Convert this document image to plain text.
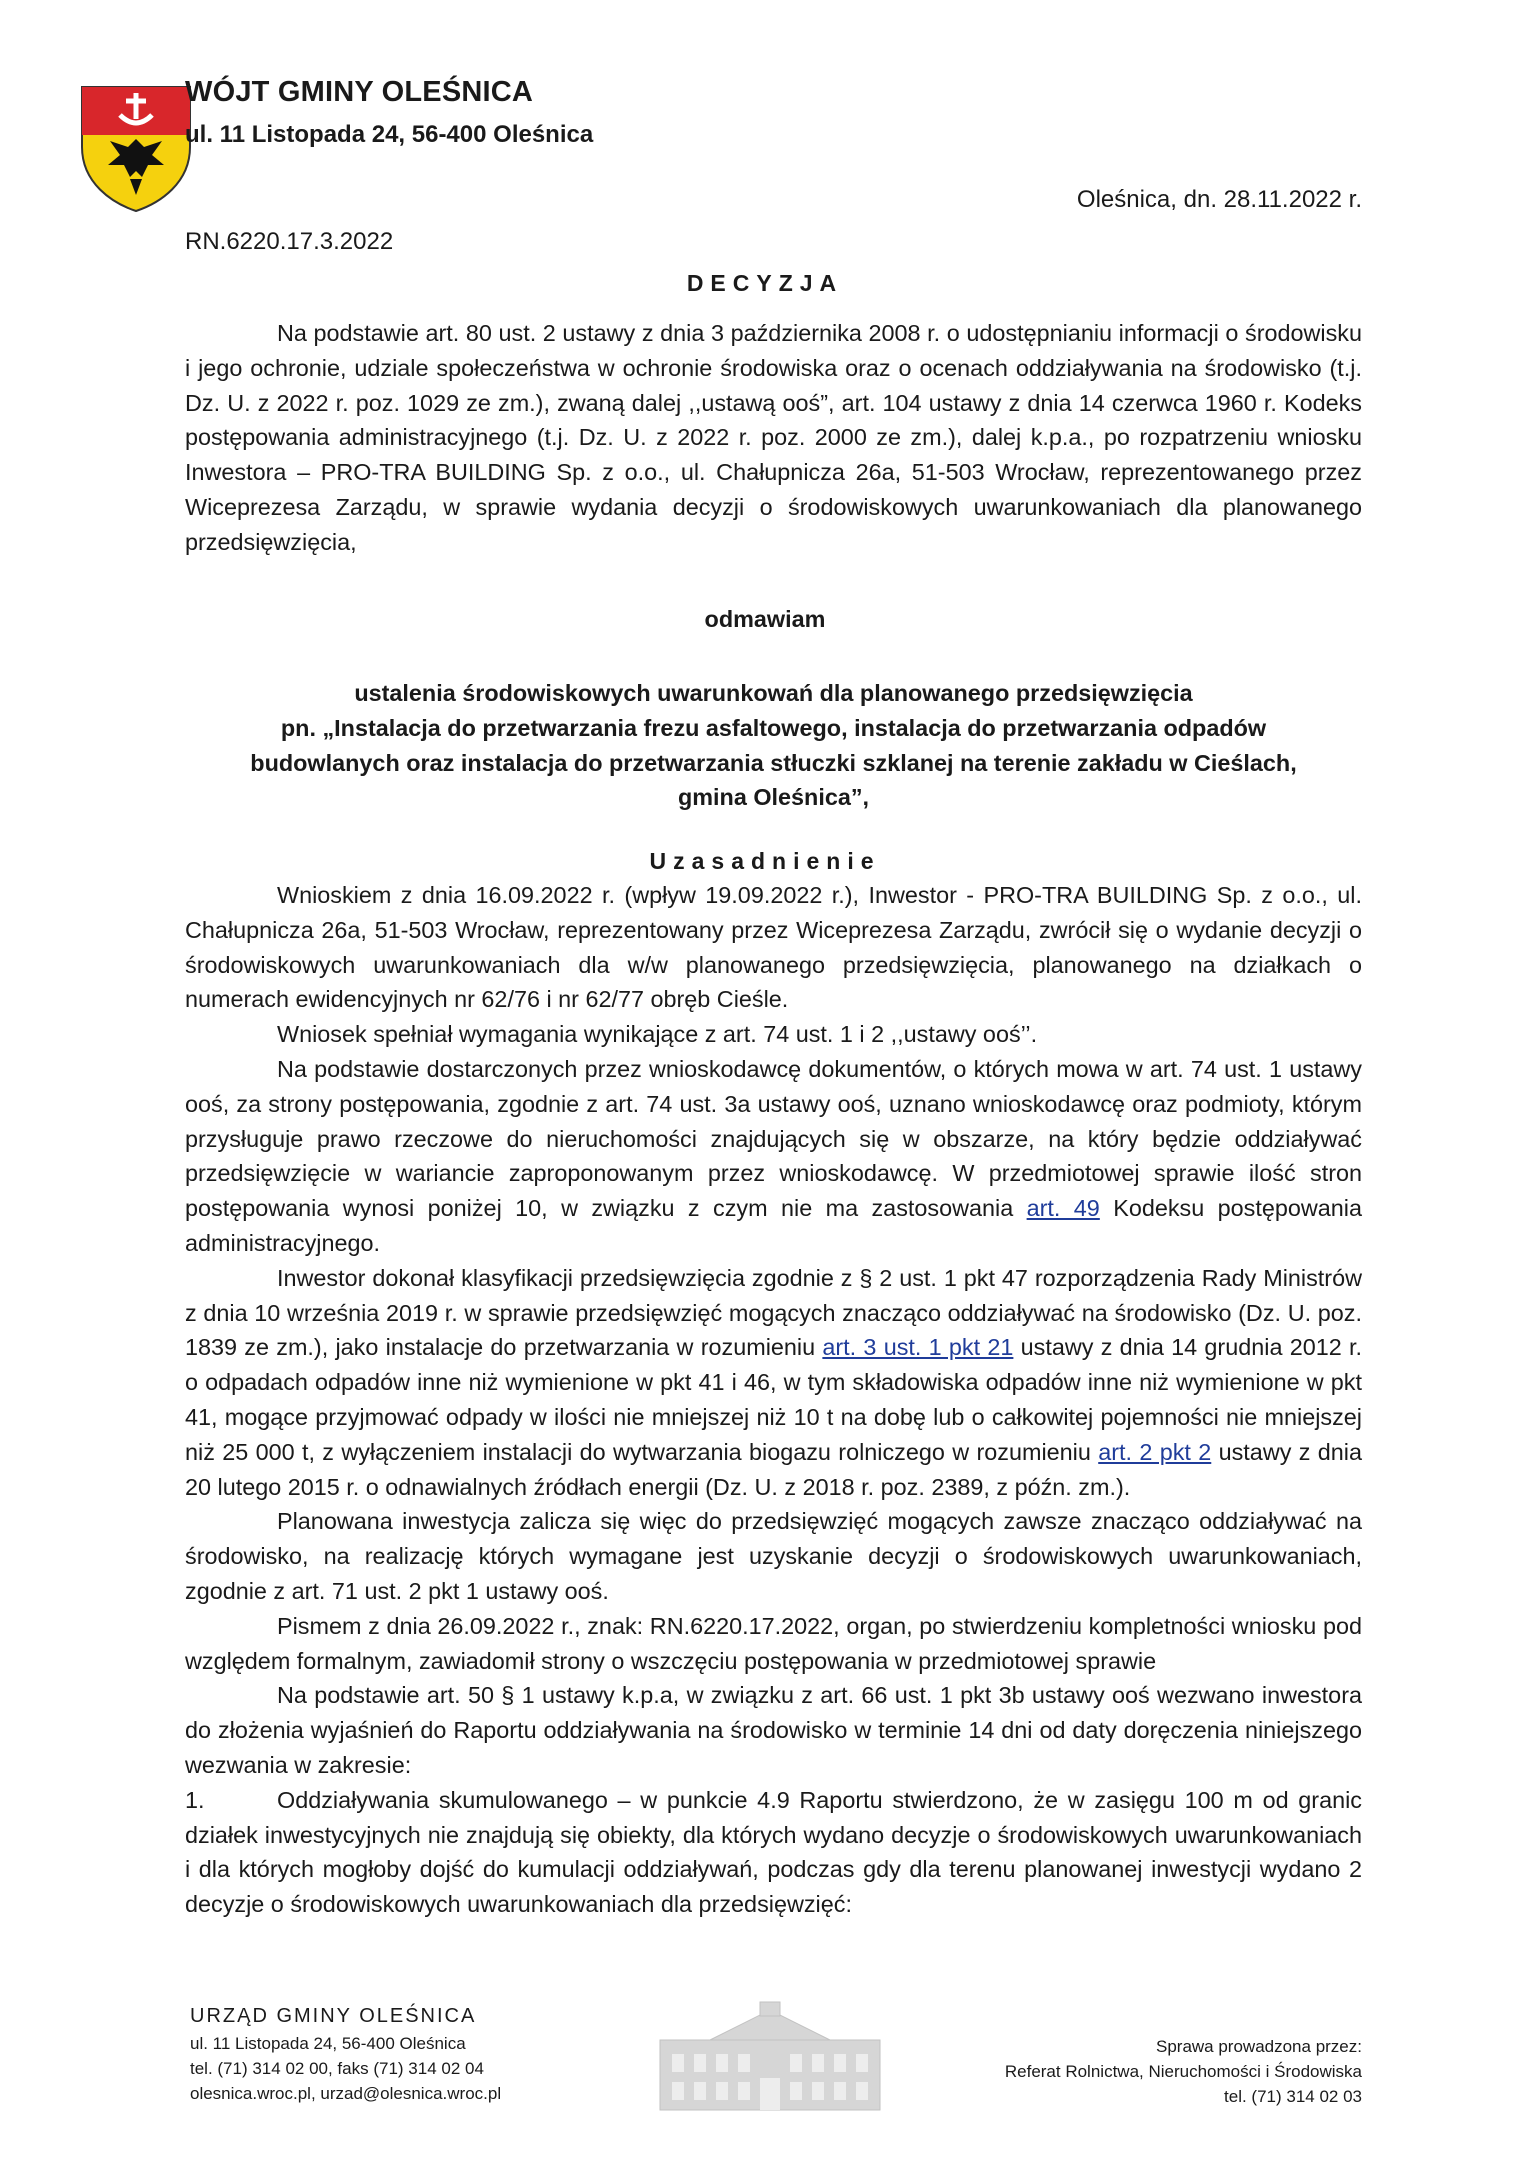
WÓJT GMINY OLEŚNICA
ul. 11 Listopada 24, 56-400 Oleśnica
Oleśnica, dn. 28.11.2022 r.
RN.6220.17.3.2022
DECYZJA

Na podstawie art. 80 ust. 2 ustawy z dnia 3 października 2008 r. o udostępnianiu informacji o środowisku i jego ochronie, udziale społeczeństwa w ochronie środowiska oraz o ocenach oddziaływania na środowisko (t.j. Dz. U. z 2022 r. poz. 1029 ze zm.), zwaną dalej ,,ustawą ooś”, art. 104 ustawy z dnia 14 czerwca 1960 r. Kodeks postępowania administracyjnego (t.j. Dz. U. z 2022 r. poz. 2000 ze zm.), dalej k.p.a., po rozpatrzeniu wniosku Inwestora – PRO-TRA BUILDING Sp. z o.o., ul. Chałupnicza 26a, 51-503 Wrocław, reprezentowanego przez Wiceprezesa Zarządu, w sprawie wydania decyzji o środowiskowych uwarunkowaniach dla planowanego przedsięwzięcia,

odmawiam
ustalenia środowiskowych uwarunkowań dla planowanego przedsięwzięcia
pn. „Instalacja do przetwarzania frezu asfaltowego, instalacja do przetwarzania odpadów
budowlanych oraz instalacja do przetwarzania stłuczki szklanej na terenie zakładu w Cieślach,
gmina Oleśnica”,
Uzasadnienie

Wnioskiem z dnia 16.09.2022 r. (wpływ 19.09.2022 r.), Inwestor - PRO-TRA BUILDING Sp. z o.o., ul. Chałupnicza 26a, 51-503 Wrocław, reprezentowany przez Wiceprezesa Zarządu, zwrócił się o wydanie decyzji o środowiskowych uwarunkowaniach dla w/w planowanego przedsięwzięcia, planowanego na działkach o numerach ewidencyjnych nr 62/76 i nr 62/77 obręb Cieśle.

Wniosek spełniał wymagania wynikające z art. 74 ust. 1 i 2 ,,ustawy ooś’’.

Na podstawie dostarczonych przez wnioskodawcę dokumentów, o których mowa w art. 74 ust. 1 ustawy ooś, za strony postępowania, zgodnie z art. 74 ust. 3a ustawy ooś, uznano wnioskodawcę oraz podmioty, którym przysługuje prawo rzeczowe do nieruchomości znajdujących się w obszarze, na który będzie oddziaływać przedsięwzięcie w wariancie zaproponowanym przez wnioskodawcę. W przedmiotowej sprawie ilość stron postępowania wynosi poniżej 10, w związku z czym nie ma zastosowania art. 49 Kodeksu postępowania administracyjnego.

Inwestor dokonał klasyfikacji przedsięwzięcia zgodnie z § 2 ust. 1 pkt 47 rozporządzenia Rady Ministrów z dnia 10 września 2019 r. w sprawie przedsięwzięć mogących znacząco oddziaływać na środowisko (Dz. U. poz. 1839 ze zm.), jako instalacje do przetwarzania w rozumieniu art. 3 ust. 1 pkt 21 ustawy z dnia 14 grudnia 2012 r. o odpadach odpadów inne niż wymienione w pkt 41 i 46, w tym składowiska odpadów inne niż wymienione w pkt 41, mogące przyjmować odpady w ilości nie mniejszej niż 10 t na dobę lub o całkowitej pojemności nie mniejszej niż 25 000 t, z wyłączeniem instalacji do wytwarzania biogazu rolniczego w rozumieniu art. 2 pkt 2 ustawy z dnia 20 lutego 2015 r. o odnawialnych źródłach energii (Dz. U. z 2018 r. poz. 2389, z późn. zm.).

Planowana inwestycja zalicza się więc do przedsięwzięć mogących zawsze znacząco oddziaływać na środowisko, na realizację których wymagane jest uzyskanie decyzji o środowiskowych uwarunkowaniach, zgodnie z art. 71 ust. 2 pkt 1 ustawy ooś.

Pismem z dnia 26.09.2022 r., znak: RN.6220.17.2022, organ, po stwierdzeniu kompletności wniosku pod względem formalnym, zawiadomił strony o wszczęciu postępowania w przedmiotowej sprawie

Na podstawie art. 50 § 1 ustawy k.p.a, w związku z art. 66 ust. 1 pkt 3b ustawy ooś wezwano inwestora do złożenia wyjaśnień do Raportu oddziaływania na środowisko w terminie 14 dni od daty doręczenia niniejszego wezwania w zakresie:

1.	Oddziaływania skumulowanego – w punkcie 4.9 Raportu stwierdzono, że w zasięgu 100 m od granic działek inwestycyjnych nie znajdują się obiekty, dla których wydano decyzje o środowiskowych uwarunkowaniach i dla których mogłoby dojść do kumulacji oddziaływań, podczas gdy dla terenu planowanej inwestycji wydano 2 decyzje o środowiskowych uwarunkowaniach dla przedsięwzięć:

URZĄD GMINY OLEŚNICA
ul. 11 Listopada 24, 56-400 Oleśnica
tel. (71) 314 02 00, faks (71) 314 02 04
olesnica.wroc.pl, urzad@olesnica.wroc.pl
Sprawa prowadzona przez:
Referat Rolnictwa, Nieruchomości i Środowiska
tel. (71) 314 02 03
